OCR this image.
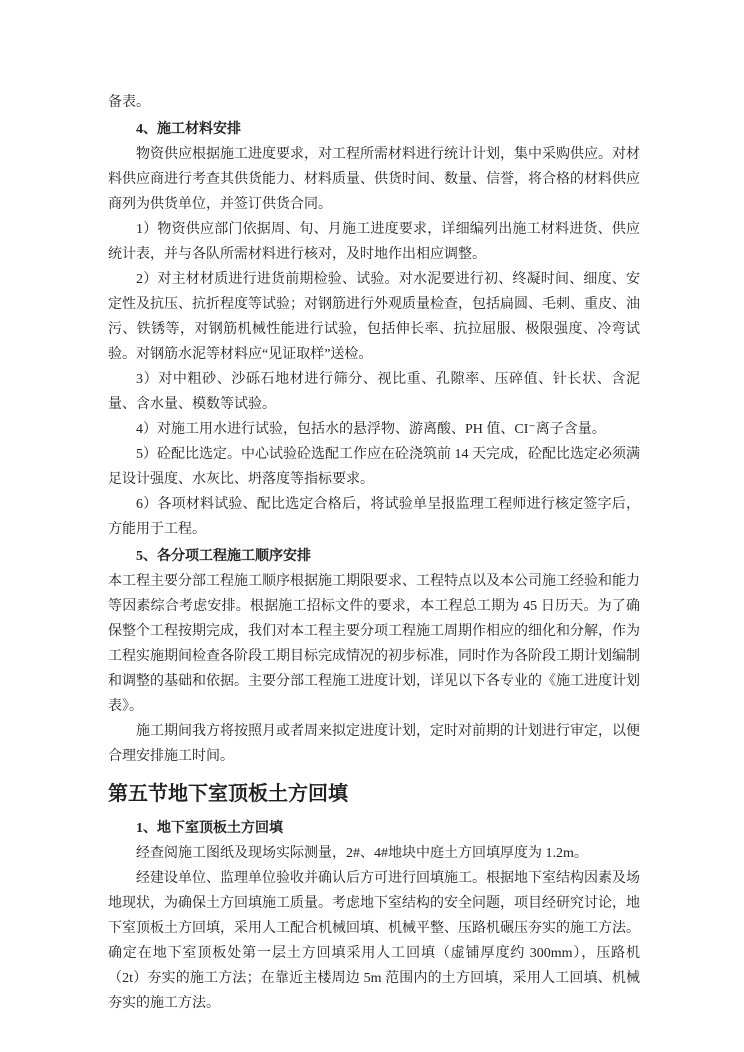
备表。

4、施工材料安排

物资供应根据施工进度要求，对工程所需材料进行统计计划，集中采购供应。对材料供应商进行考查其供货能力、材料质量、供货时间、数量、信誉，将合格的材料供应商列为供货单位，并签订供货合同。

1）物资供应部门依据周、旬、月施工进度要求，详细编列出施工材料进货、供应统计表，并与各队所需材料进行核对，及时地作出相应调整。

2）对主材材质进行进货前期检验、试验。对水泥要进行初、终凝时间、细度、安定性及抗压、抗折程度等试验；对钢筋进行外观质量检查，包括扁圆、毛刺、重皮、油污、铁锈等，对钢筋机械性能进行试验，包括伸长率、抗拉屈服、极限强度、冷弯试验。对钢筋水泥等材料应“见证取样”送检。

3）对中粗砂、沙砾石地材进行筛分、视比重、孔隙率、压碎值、针长状、含泥量、含水量、模数等试验。

4）对施工用水进行试验，包括水的悬浮物、游离酸、PH 值、CI⁻离子含量。

5）砼配比选定。中心试验砼选配工作应在砼浇筑前 14 天完成，砼配比选定必须满足设计强度、水灰比、坍落度等指标要求。

6）各项材料试验、配比选定合格后，将试验单呈报监理工程师进行核定签字后，方能用于工程。

5、各分项工程施工顺序安排

本工程主要分部工程施工顺序根据施工期限要求、工程特点以及本公司施工经验和能力等因素综合考虑安排。根据施工招标文件的要求，本工程总工期为 45 日历天。为了确保整个工程按期完成，我们对本工程主要分项工程施工周期作相应的细化和分解，作为工程实施期间检查各阶段工期目标完成情况的初步标准，同时作为各阶段工期计划编制和调整的基础和依据。主要分部工程施工进度计划，详见以下各专业的《施工进度计划表》。

施工期间我方将按照月或者周来拟定进度计划，定时对前期的计划进行审定，以便合理安排施工时间。

第五节地下室顶板土方回填

1、地下室顶板土方回填

经查阅施工图纸及现场实际测量，2#、4#地块中庭土方回填厚度为 1.2m。

经建设单位、监理单位验收并确认后方可进行回填施工。根据地下室结构因素及场地现状，为确保土方回填施工质量。考虑地下室结构的安全问题，项目经研究讨论，地下室顶板土方回填，采用人工配合机械回填、机械平整、压路机碾压夯实的施工方法。确定在地下室顶板处第一层土方回填采用人工回填（虚铺厚度约 300mm），压路机（2t）夯实的施工方法；在靠近主楼周边 5m 范围内的土方回填，采用人工回填、机械夯实的施工方法。
